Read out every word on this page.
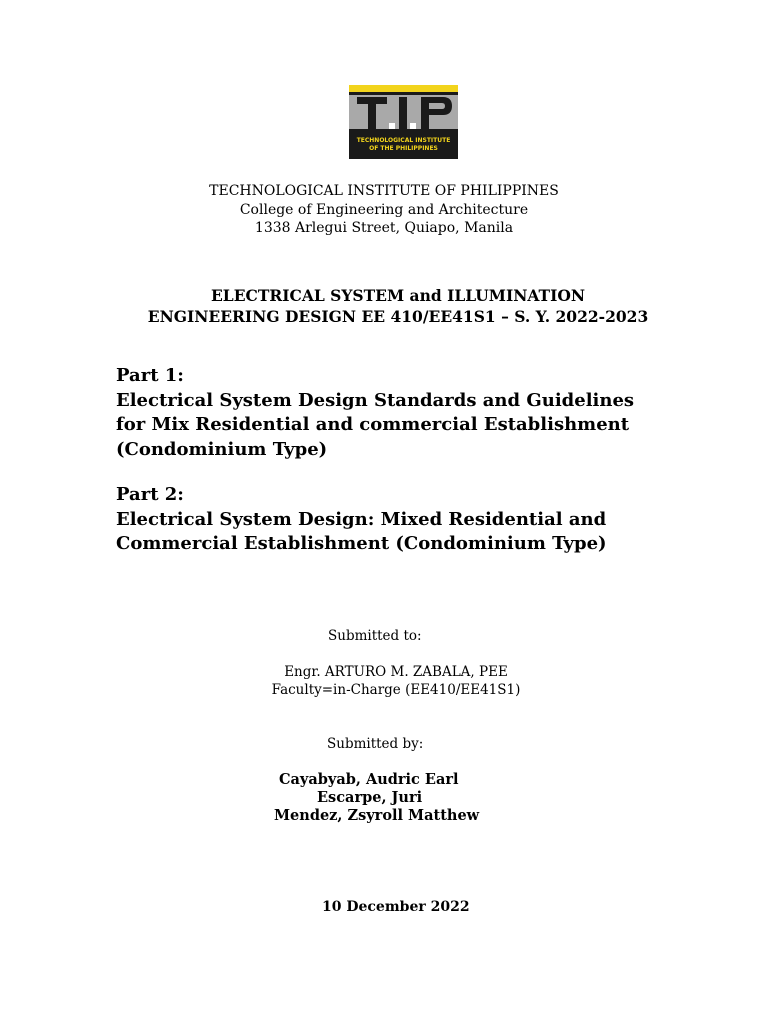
TECHNOLOGICAL INSTITUTE
OF THE PHILIPPINES
TECHNOLOGICAL INSTITUTE OF PHILIPPINES
College of Engineering and Architecture
1338 Arlegui Street, Quiapo, Manila
ELECTRICAL SYSTEM and ILLUMINATION
ENGINEERING DESIGN EE 410/EE41S1 – S. Y. 2022-2023
Part 1:
Electrical System Design Standards and Guidelines
for Mix Residential and commercial Establishment
(Condominium Type)
Part 2:
Electrical System Design: Mixed Residential and
Commercial Establishment (Condominium Type)
Submitted to:
Engr. ARTURO M. ZABALA, PEE
Faculty=in-Charge (EE410/EE41S1)
Submitted by:
Cayabyab, Audric Earl
Escarpe, Juri
Mendez, Zsyroll Matthew
10 December 2022
